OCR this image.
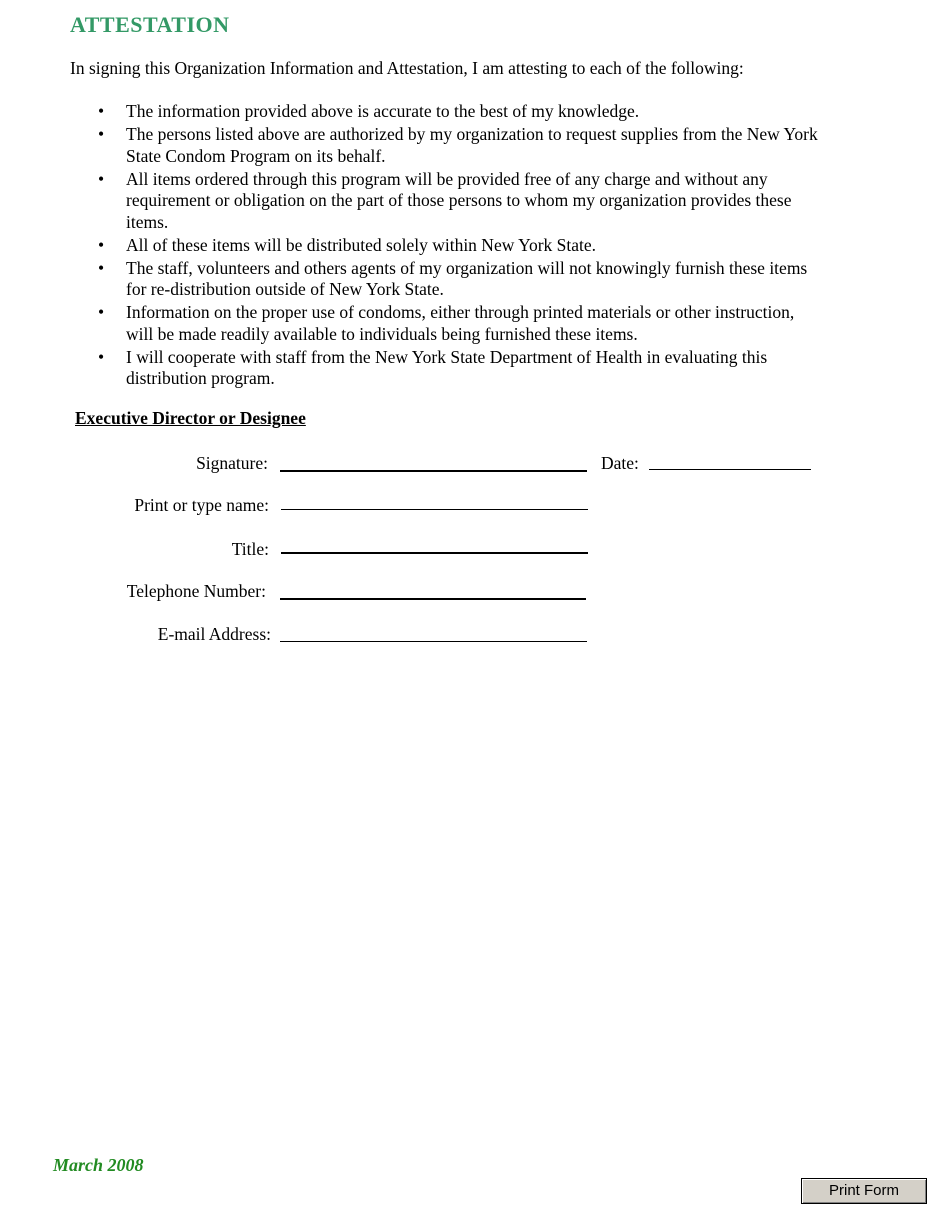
ATTESTATION
In signing this Organization Information and Attestation, I am attesting to each of the following:
• The information provided above is accurate to the best of my knowledge.
• The persons listed above are authorized by my organization to request supplies from the New York State Condom Program on its behalf.
• All items ordered through this program will be provided free of any charge and without any requirement or obligation on the part of those persons to whom my organization provides these items.
• All of these items will be distributed solely within New York State.
• The staff, volunteers and others agents of my organization will not knowingly furnish these items for re-distribution outside of New York State.
• Information on the proper use of condoms, either through printed materials or other instruction, will be made readily available to individuals being furnished these items.
• I will cooperate with staff from the New York State Department of Health in evaluating this distribution program.
Executive Director or Designee
Signature:	Date:
Print or type name:
Title:
Telephone Number:
E-mail Address:
March 2008
Print Form
